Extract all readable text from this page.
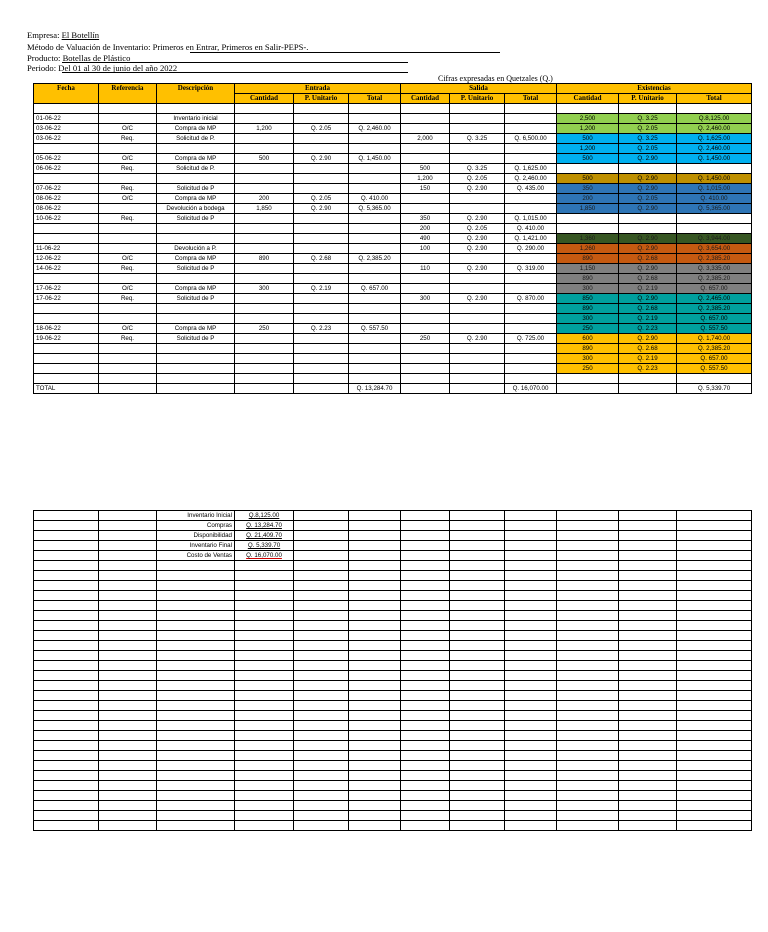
Empresa: El Botellín
Método de Valuación de Inventario: Primeros en Entrar, Primeros en Salir-PEPS-.
Producto: Botellas de Plástico
Periodo: Del 01 al 30 de junio del año 2022
Cifras expresadas en Quetzales (Q.)
Fecha	Referencia	Descripción	Entrada			Salida			Existencias		
			Cantidad	P. Unitario	Total	Cantidad	P. Unitario	Total	Cantidad	P. Unitario	Total

01-06-22		Inventario inicial							2,500	Q. 3.25	Q.8,125.00
03-06-22	O/C	Compra de MP	1,200	Q. 2.05	Q. 2,460.00				1,200	Q. 2.05	Q. 2,460.00
03-06-22	Req.	Solicitud de P.				2,000	Q. 3.25	Q. 6,500.00	500	Q. 3.25	Q. 1,625.00
									1,200	Q. 2.05	Q. 2,460.00
05-06-22	O/C	Compra de MP	500	Q. 2.90	Q. 1,450.00				500	Q. 2.90	Q. 1,450.00
06-06-22	Req.	Solicitud de P.				500	Q. 3.25	Q. 1,625.00			
						1,200	Q. 2.05	Q. 2,460.00	500	Q. 2.90	Q. 1,450.00
07-06-22	Req.	Solicitud de P				150	Q. 2.90	Q. 435.00	350	Q. 2.90	Q. 1,015.00
08-06-22	O/C	Compra de MP	200	Q. 2.05	Q. 410.00				200	Q. 2.05	Q. 410.00
08-06-22		Devolución a bodega	1,850	Q. 2.90	Q. 5,365.00				1,850	Q. 2.90	Q. 5,365.00
10-06-22	Req.	Solicitud de P				350	Q. 2.90	Q. 1,015.00			
						200	Q. 2.05	Q. 410.00			
						490	Q. 2.90	Q. 1,421.00	1,360	Q. 2.90	Q. 3,944.00
11-06-22		Devolución a P.				100	Q. 2.90	Q. 290.00	1,260	Q. 2.90	Q. 3,654.00
12-06-22	O/C	Compra de MP	890	Q. 2.68	Q. 2,385.20				890	Q. 2.68	Q. 2,385.20
14-06-22	Req.	Solicitud de P				110	Q. 2.90	Q. 319.00	1,150	Q. 2.90	Q. 3,335.00
									890	Q. 2.68	Q. 2,385.20
17-06-22	O/C	Compra de MP	300	Q. 2.19	Q. 657.00				300	Q. 2.19	Q. 657.00
17-06-22	Req.	Solicitud de P				300	Q. 2.90	Q. 870.00	850	Q. 2.90	Q. 2,465.00
									890	Q. 2.68	Q. 2,385.20
									300	Q. 2.19	Q. 657.00
18-06-22	O/C	Compra de MP	250	Q. 2.23	Q. 557.50				250	Q. 2.23	Q. 557.50
19-06-22	Req.	Solicitud de P				250	Q. 2.90	Q. 725.00	600	Q. 2.90	Q. 1,740.00
									890	Q. 2.68	Q. 2,385.20
									300	Q. 2.19	Q. 657.00
									250	Q. 2.23	Q. 557.50

TOTAL					Q. 13,284.70			Q. 16,070.00			Q. 5,339.70
		Inventario Inicial	Q.8,125.00								
		Compras	Q. 13,284.70								
		Disponibilidad	Q. 21,409.70								
		Inventario Final	Q. 5,339.70								
		Costo de Ventas	Q. 16,070.00								
